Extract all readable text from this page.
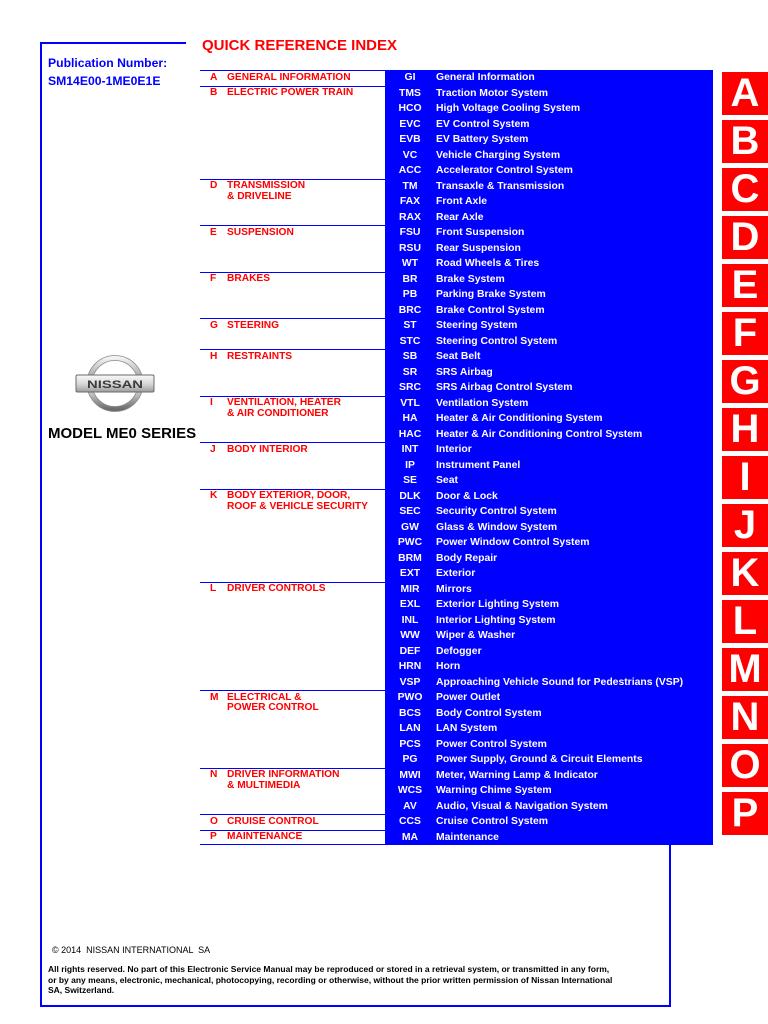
Publication Number:
SM14E00-1ME0E1E
QUICK REFERENCE INDEX
A GENERAL INFORMATION	GI	General Information
B ELECTRIC POWER TRAIN	TMS	Traction Motor System
HCO	High Voltage Cooling System
EVC	EV Control System
EVB	EV Battery System
VC	Vehicle Charging System
ACC	Accelerator Control System
D TRANSMISSION
& DRIVELINE
TM	Transaxle & Transmission
FAX	Front Axle
RAX	Rear Axle
E	SUSPENSION	FSU	Front Suspension
RSU	Rear Suspension
WT	Road Wheels & Tires
F	BRAKES	BR	Brake System
PB	Parking Brake System
BRC	Brake Control System
G STEERING	ST	Steering System
STC	Steering Control System
H RESTRAINTS	SB	Seat Belt
SR	SRS Airbag
SRC	SRS Airbag Control System
I	VENTILATION, HEATER
& AIR CONDITIONER
VTL	Ventilation System
HA	Heater & Air Conditioning System
HAC	Heater & Air Conditioning Control System
J	BODY INTERIOR	INT	Interior
IP	Instrument Panel
SE	Seat
K BODY EXTERIOR, DOOR,
ROOF & VEHICLE SECURITY
DLK	Door & Lock
SEC	Security Control System
GW	Glass & Window System
PWC	Power Window Control System
BRM	Body Repair
EXT	Exterior
L	DRIVER CONTROLS	MIR	Mirrors
EXL	Exterior Lighting System
INL	Interior Lighting System
WW	Wiper & Washer
DEF	Defogger
HRN	Horn
VSP	Approaching Vehicle Sound for Pedestrians (VSP)
M ELECTRICAL &
POWER CONTROL
PWO	Power Outlet
BCS	Body Control System
LAN	LAN System
PCS	Power Control System
PG	Power Supply, Ground & Circuit Elements
N DRIVER INFORMATION
& MULTIMEDIA
MWI	Meter, Warning Lamp & Indicator
WCS	Warning Chime System
AV	Audio, Visual & Navigation System
O CRUISE CONTROL	CCS	Cruise Control System
P	MAINTENANCE	MA	Maintenance
A
B
C
D
E
F
G
H
I
J
K
L
M
N
O
P
NISSAN
MODEL ME0 SERIES
© 2014  NISSAN INTERNATIONAL  SA
All rights reserved. No part of this Electronic Service Manual may be reproduced or stored in a retrieval system, or transmitted in any form,
or by any means, electronic, mechanical, photocopying, recording or otherwise, without the prior written permission of Nissan International
SA, Switzerland.
